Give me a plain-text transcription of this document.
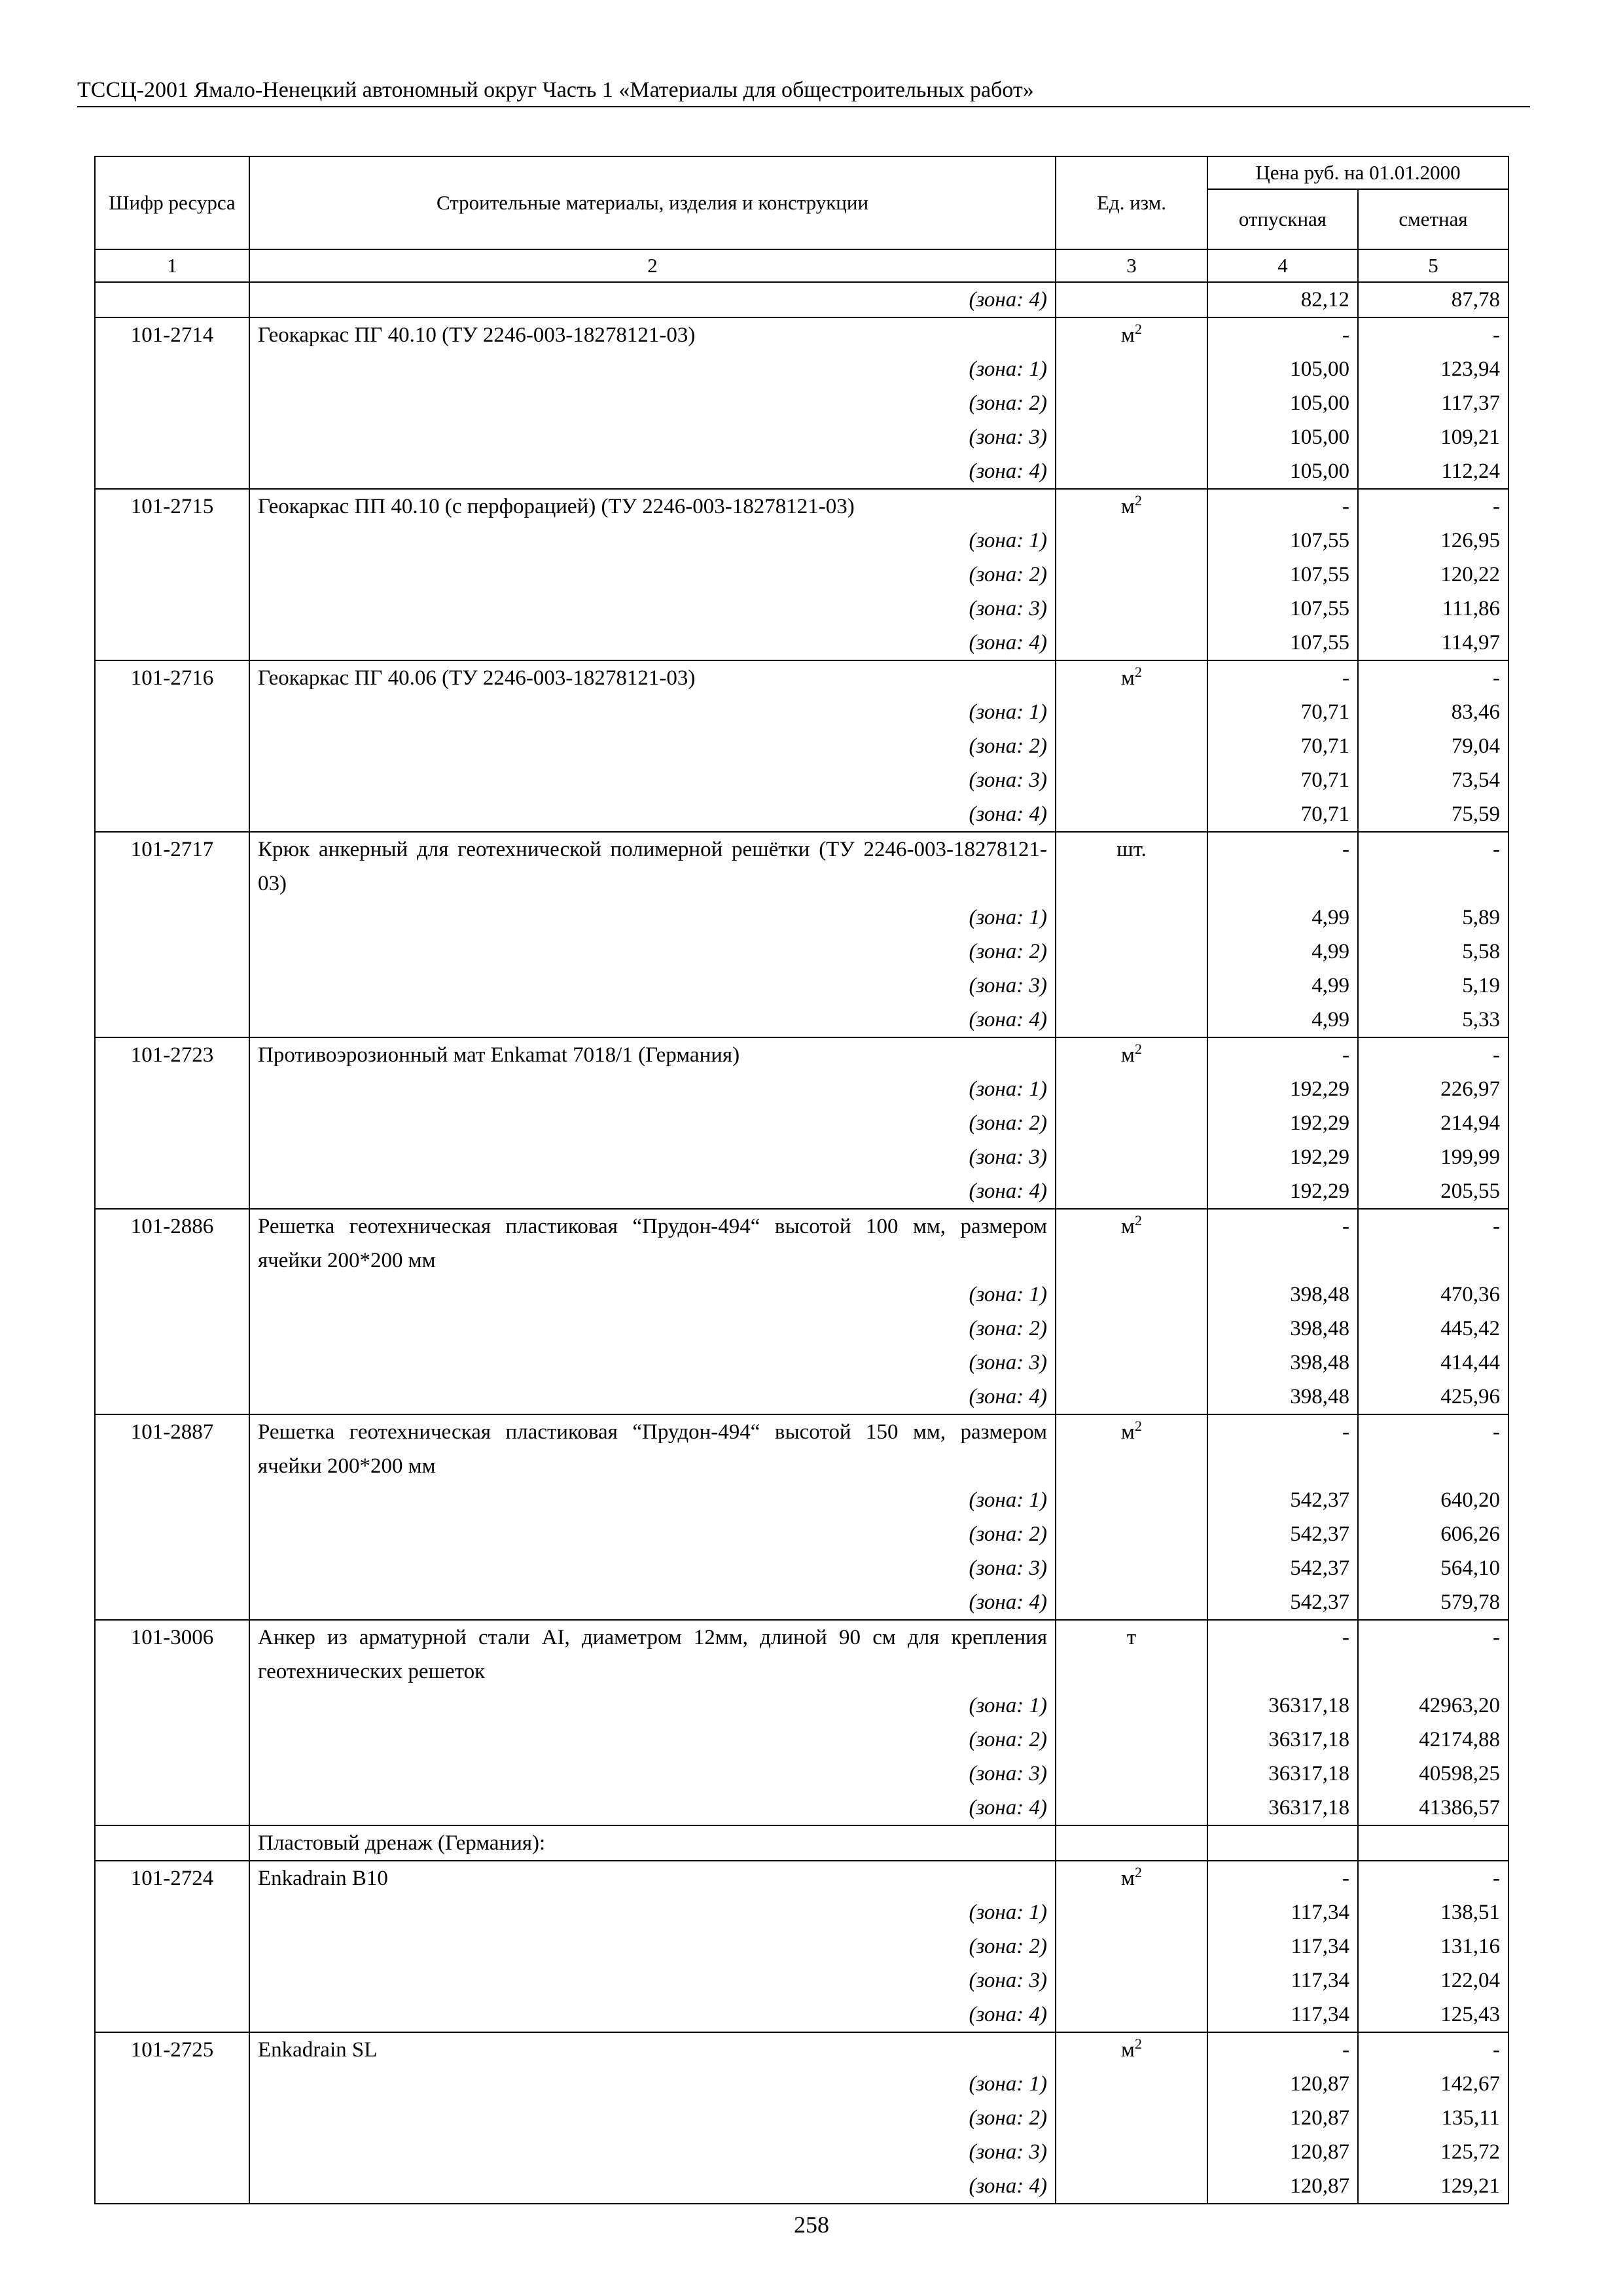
ТССЦ-2001 Ямало-Ненецкий автономный округ Часть 1 «Материалы для общестроительных работ»
Шифр ресурса	Строительные материалы, изделия и конструкции	Ед. изм.	Цена руб. на 01.01.2000	
			отпускная	сметная
1	2	3	4	5
	(зона: 4)		82,12	87,78
101-2714	Геокаркас ПГ 40.10 (ТУ 2246-003-18278121-03)	$м^2$	-	-
	(зона: 1)		105,00	123,94
	(зона: 2)		105,00	117,37
	(зона: 3)		105,00	109,21
	(зона: 4)		105,00	112,24
101-2715	Геокаркас ПП 40.10 (с перфорацией) (ТУ 2246-003-18278121-03)	$м^2$	-	-
	(зона: 1)		107,55	126,95
	(зона: 2)		107,55	120,22
	(зона: 3)		107,55	111,86
	(зона: 4)		107,55	114,97
101-2716	Геокаркас ПГ 40.06 (ТУ 2246-003-18278121-03)	$м^2$	-	-
	(зона: 1)		70,71	83,46
	(зона: 2)		70,71	79,04
	(зона: 3)		70,71	73,54
	(зона: 4)		70,71	75,59
101-2717	Крюк анкерный для геотехнической полимерной решётки (ТУ 2246-003-18278121-03)	шт.	-	-
	(зона: 1)		4,99	5,89
	(зона: 2)		4,99	5,58
	(зона: 3)		4,99	5,19
	(зона: 4)		4,99	5,33
101-2723	Противоэрозионный мат Enkamat 7018/1 (Германия)	$м^2$	-	-
	(зона: 1)		192,29	226,97
	(зона: 2)		192,29	214,94
	(зона: 3)		192,29	199,99
	(зона: 4)		192,29	205,55
101-2886	Решетка геотехническая пластиковая “Прудон-494“ высотой 100 мм, размером ячейки 200*200 мм	$м^2$	-	-
	(зона: 1)		398,48	470,36
	(зона: 2)		398,48	445,42
	(зона: 3)		398,48	414,44
	(зона: 4)		398,48	425,96
101-2887	Решетка геотехническая пластиковая “Прудон-494“ высотой 150 мм, размером ячейки 200*200 мм	$м^2$	-	-
	(зона: 1)		542,37	640,20
	(зона: 2)		542,37	606,26
	(зона: 3)		542,37	564,10
	(зона: 4)		542,37	579,78
101-3006	Анкер из арматурной стали AI, диаметром 12мм, длиной 90 см для крепления геотехнических решеток	т	-	-
	(зона: 1)		36317,18	42963,20
	(зона: 2)		36317,18	42174,88
	(зона: 3)		36317,18	40598,25
	(зона: 4)		36317,18	41386,57
	Пластовый дренаж (Германия):			
101-2724	Enkadrain B10	$м^2$	-	-
	(зона: 1)		117,34	138,51
	(зона: 2)		117,34	131,16
	(зона: 3)		117,34	122,04
	(зона: 4)		117,34	125,43
101-2725	Enkadrain SL	$м^2$	-	-
	(зона: 1)		120,87	142,67
	(зона: 2)		120,87	135,11
	(зона: 3)		120,87	125,72
	(зона: 4)		120,87	129,21
258
